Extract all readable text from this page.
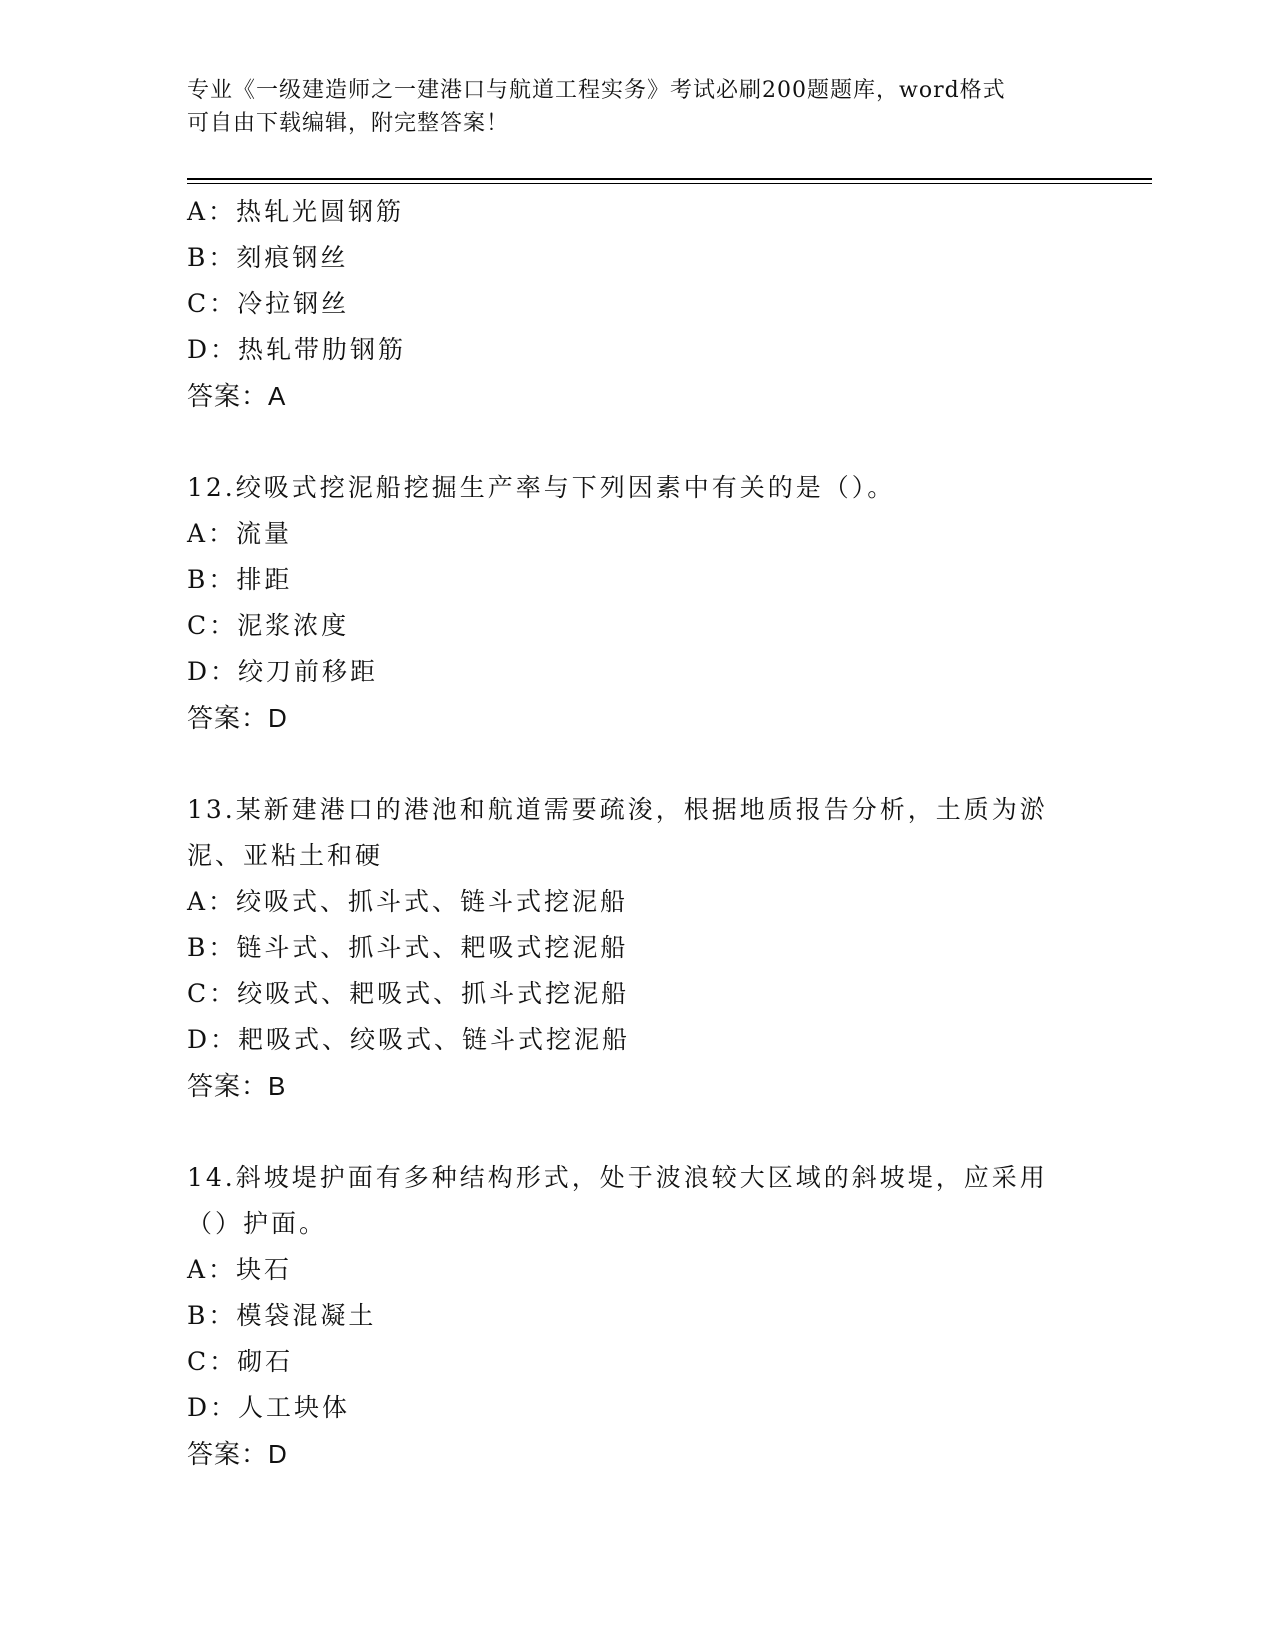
专业《一级建造师之一建港口与航道工程实务》考试必刷200题题库，word格式
可自由下载编辑，附完整答案！
A：热轧光圆钢筋
B：刻痕钢丝
C：冷拉钢丝
D：热轧带肋钢筋
答案：A
12.绞吸式挖泥船挖掘生产率与下列因素中有关的是（）。
A：流量
B：排距
C：泥浆浓度
D：绞刀前移距
答案：D
13.某新建港口的港池和航道需要疏浚，根据地质报告分析，土质为淤
泥、亚粘土和硬
A：绞吸式、抓斗式、链斗式挖泥船
B：链斗式、抓斗式、耙吸式挖泥船
C：绞吸式、耙吸式、抓斗式挖泥船
D：耙吸式、绞吸式、链斗式挖泥船
答案：B
14.斜坡堤护面有多种结构形式，处于波浪较大区域的斜坡堤，应采用
（）护面。
A：块石
B：模袋混凝土
C：砌石
D：人工块体
答案：D
